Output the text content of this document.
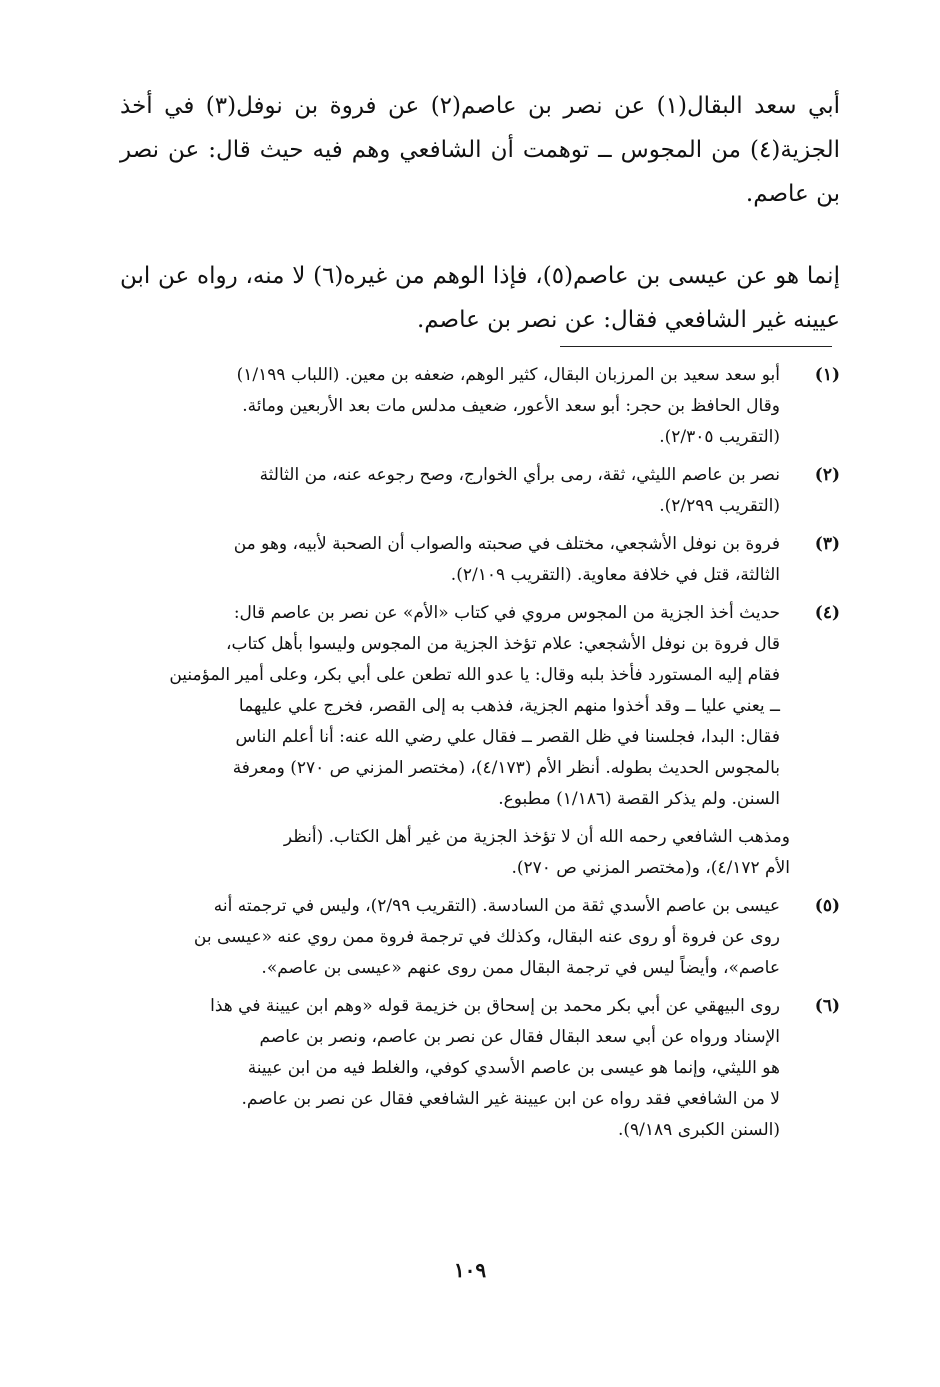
أبي سعد البقال(١) عن نصر بن عاصم(٢) عن فروة بن نوفل(٣) في أخذ الجزية(٤) من المجوس ــ توهمت أن الشافعي وهم فيه حيث قال: عن نصر بن عاصم.

إنما هو عن عيسى بن عاصم(٥)، فإذا الوهم من غيره(٦) لا منه، رواه عن ابن عيينه غير الشافعي فقال: عن نصر بن عاصم.

(١)
أبو سعد سعيد بن المرزبان البقال، كثير الوهم، ضعفه بن معين. (اللباب ١/١٩٩)
وقال الحافظ بن حجر: أبو سعد الأعور، ضعيف مدلس مات بعد الأربعين ومائة.
(التقريب ٢/٣٠٥).
(٢)
نصر بن عاصم الليثي، ثقة، رمى برأي الخوارج، وصح رجوعه عنه، من الثالثة
(التقريب ٢/٢٩٩).
(٣)
فروة بن نوفل الأشجعي، مختلف في صحبته والصواب أن الصحبة لأبيه، وهو من
الثالثة، قتل في خلافة معاوية. (التقريب ٢/١٠٩).
(٤)
حديث أخذ الجزية من المجوس مروي في كتاب «الأم» عن نصر بن عاصم قال:
قال فروة بن نوفل الأشجعي: علام تؤخذ الجزية من المجوس وليسوا بأهل كتاب،
فقام إليه المستورد فأخذ بلبه وقال: يا عدو الله تطعن على أبي بكر، وعلى أمير المؤمنين
ــ يعني عليا ــ وقد أخذوا منهم الجزية، فذهب به إلى القصر، فخرج علي عليهما
فقال: البدا، فجلسنا في ظل القصر ــ فقال علي رضي الله عنه: أنا أعلم الناس
بالمجوس الحديث بطوله. أنظر الأم (٤/١٧٣)، (مختصر المزني ص ٢٧٠) ومعرفة
السنن. ولم يذكر القصة (١/١٨٦) مطبوع.
ومذهب الشافعي رحمه الله أن لا تؤخذ الجزية من غير أهل الكتاب. (أنظر
الأم ٤/١٧٢)، و(مختصر المزني ص ٢٧٠).
(٥)
عيسى بن عاصم الأسدي ثقة من السادسة. (التقريب ٢/٩٩)، وليس في ترجمته أنه
روى عن فروة أو روى عنه البقال، وكذلك في ترجمة فروة ممن روي عنه «عيسى بن
عاصم»، وأيضاً ليس في ترجمة البقال ممن روى عنهم «عيسى بن عاصم».
(٦)
روى البيهقي عن أبي بكر محمد بن إسحاق بن خزيمة قوله «وهم ابن عيينة في هذا
الإسناد ورواه عن أبي سعد البقال فقال عن نصر بن عاصم، ونصر بن عاصم
هو الليثي، وإنما هو عيسى بن عاصم الأسدي كوفي، والغلط فيه من ابن عيينة
لا من الشافعي فقد رواه عن ابن عيينة غير الشافعي فقال عن نصر بن عاصم.
(السنن الكبرى ٩/١٨٩).
١٠٩
